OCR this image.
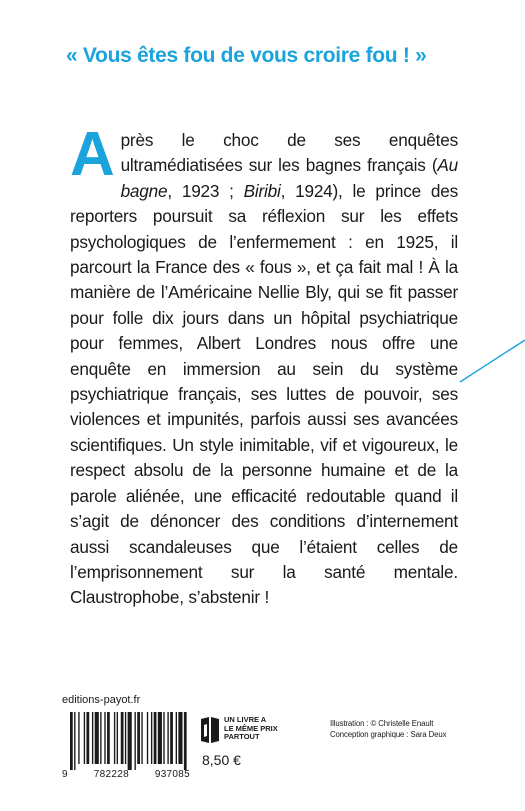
« Vous êtes fou de vous croire fou ! »

Après le choc de ses enquêtes ultramédiatisées sur les bagnes français (Au bagne, 1923 ; Biribi, 1924), le prince des reporters poursuit sa réflexion sur les effets psychologiques de l’enfermement : en 1925, il parcourt la France des « fous », et ça fait mal ! À la manière de l’Américaine Nellie Bly, qui se fit passer pour folle dix jours dans un hôpital psychiatrique pour femmes, Albert Londres nous offre une enquête en immersion au sein du système psychiatrique français, ses luttes de pouvoir, ses violences et impunités, parfois aussi ses avancées scientifiques. Un style inimitable, vif et vigoureux, le respect absolu de la personne humaine et de la parole aliénée, une efficacité redoutable quand il s’agit de dénoncer des conditions d’internement aussi scandaleuses que l’étaient celles de l’emprisonnement sur la santé mentale. Claustrophobe, s’abstenir !

editions-payot.fr
9	782228	937085
UN LIVRE A
LE MÊME PRIX
PARTOUT
8,50 €
Illustration : © Christelle Enault
Conception graphique : Sara Deux
